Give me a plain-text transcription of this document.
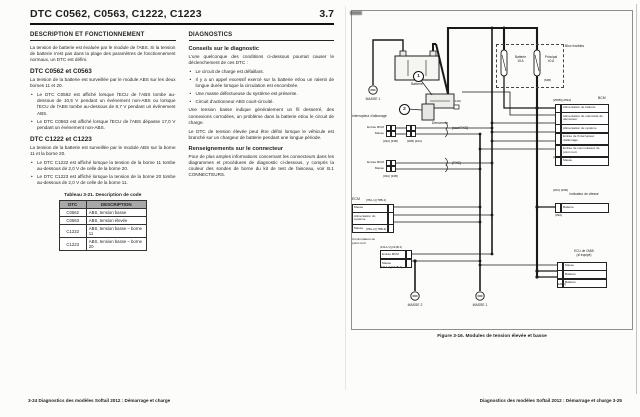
DTC C0562, C0563, C1222, C1223	3.7
DESCRIPTION ET FONCTIONNEMENT
La tension de batterie est évaluée par le module de l'ABS. Si la tension de batterie n'est pas dans la plage des paramètres de fonctionnement normaux, un DTC est défini.
DTC C0562 et C0563
La tension de la batterie est surveillée par le module ABS sur les deux bornes 11 et 20.
• Le DTC C0562 est affiché lorsque l'ECU de l'ABS tombe au-dessous de 10,5 V pendant un événement non-ABS ou lorsque l'ECU de l'ABS tombe au-dessous de 8,7 V pendant un événement ABS.
• Le DTC C0563 est affiché lorsque l'ECU de l'ABS dépasse 17,0 V pendant un événement non-ABS.
DTC C1222 et C1223
La tension de la batterie est surveillée par le module ABS sur la borne 11 et la borne 20.
• Le DTC C1222 est affiché lorsque la tension de la borne 11 tombe au-dessous de 2,0 V de celle de la borne 20.
• Le DTC C1223 est affiché lorsque la tension de la borne 20 tombe au-dessous de 2,0 V de celle de la borne 11.
Tableau 3-21. Description de code
DTC	DESCRIPTION
C0562	ABS, tension basse
C0563	ABS, tension élevée
C1222	ABS, tension basse – borne 11
C1223	ABS, tension basse – borne 20
DIAGNOSTICS
Conseils sur le diagnostic
L'une quelconque des conditions ci-dessous pourrait causer le déclenchement de ces DTC :
• Le circuit de charge est défaillant.
• Il y a un appel excessif exercé sur la batterie et/ou un ralenti de longue durée lorsque la circulation est encombrée.
• Une masse défectueuse du système est présente.
• Circuit d'actionneur ABS court-circuité.
Une tension basse indique généralement un fil desserré, des connexions corrodées, un problème dans la batterie et/ou le circuit de charge.
Le DTC de tension élevée peut être défini lorsque le véhicule est branché sur un chargeur de batterie pendant une longue période.
Renseignements sur le connecteur
Pour de plus amples informations concernant les connecteurs dans les diagrammes et procédures de diagnostic ci-dessous, y compris la couleur des sondes de borne du kit de test de faisceau, voir B.1 CONNECTEURS.
MASSE 1
Batterie
Démarreur
[128]
1
2
Batterie
15 A
Principal
40 A
[64B]
Bloc fusibles
[258B] [259A]	BCM
Alimentation de batterie
Alimentation de solénoïde de démarreur
Alimentation de système
Entrée de l'interrupteur d'allumage
Entrée de commutateur de point mort
Masse
[242B] [242A]
Interrupteur d'allumage
Entrée BCM
Masse
[33A] [33B]	[20B] [20A]
(sauf FXS)
Entrée BCM
Masse
[33A] [33B]
(FXS)
ECM [78A-1] [78B-1]
Masse
Alimentation du système
Masse [78A-2] [78B-2]
Commutateur de point mort
[131A-1] [131B-1]
Entrée BCM
Masse
[131A-2] [131B-2]
[20A] [20B]
Indicateur de vitesse
Batterie
[39A]
ECU de l'ABS
(si équipé)
Masse
Batterie
Batterie
[166A]
MASSE 2	MASSE 1
Figure 3-16. Modules de tension élevée et basse
3-24 Diagnostics des modèles Softail 2012 : Démarrage et charge	Diagnostics des modèles Softail 2012 : Démarrage et charge 3-25
